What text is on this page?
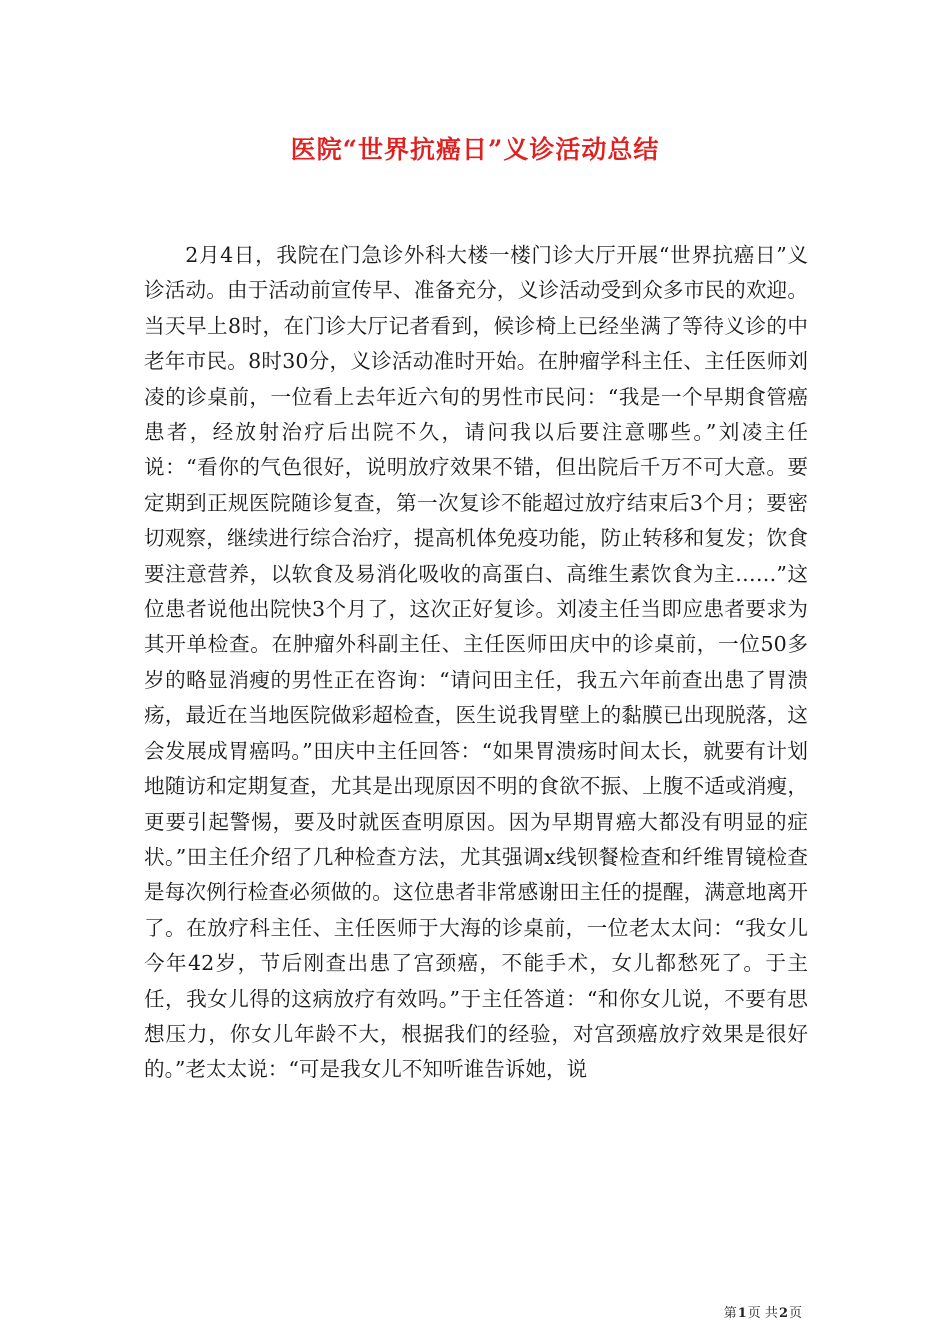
医院“世界抗癌日”义诊活动总结

2月4日，我院在门急诊外科大楼一楼门诊大厅开展“世界抗癌日”义诊活动。由于活动前宣传早、准备充分，义诊活动受到众多市民的欢迎。当天早上8时，在门诊大厅记者看到，候诊椅上已经坐满了等待义诊的中老年市民。8时30分，义诊活动准时开始。在肿瘤学科主任、主任医师刘凌的诊桌前，一位看上去年近六旬的男性市民问：“我是一个早期食管癌患者，经放射治疗后出院不久，请问我以后要注意哪些。”刘凌主任说：“看你的气色很好，说明放疗效果不错，但出院后千万不可大意。要定期到正规医院随诊复查，第一次复诊不能超过放疗结束后3个月；要密切观察，继续进行综合治疗，提高机体免疫功能，防止转移和复发；饮食要注意营养，以软食及易消化吸收的高蛋白、高维生素饮食为主……”这位患者说他出院快3个月了，这次正好复诊。刘凌主任当即应患者要求为其开单检查。在肿瘤外科副主任、主任医师田庆中的诊桌前，一位50多岁的略显消瘦的男性正在咨询：“请问田主任，我五六年前查出患了胃溃疡，最近在当地医院做彩超检查，医生说我胃壁上的黏膜已出现脱落，这会发展成胃癌吗。”田庆中主任回答：“如果胃溃疡时间太长，就要有计划地随访和定期复查，尤其是出现原因不明的食欲不振、上腹不适或消瘦，更要引起警惕，要及时就医查明原因。因为早期胃癌大都没有明显的症状。”田主任介绍了几种检查方法，尤其强调x线钡餐检查和纤维胃镜检查是每次例行检查必须做的。这位患者非常感谢田主任的提醒，满意地离开了。在放疗科主任、主任医师于大海的诊桌前，一位老太太问：“我女儿今年42岁，节后刚查出患了宫颈癌，不能手术，女儿都愁死了。于主任，我女儿得的这病放疗有效吗。”于主任答道：“和你女儿说，不要有思想压力，你女儿年龄不大，根据我们的经验，对宫颈癌放疗效果是很好的。”老太太说：“可是我女儿不知听谁告诉她，说

第1页 共2页
